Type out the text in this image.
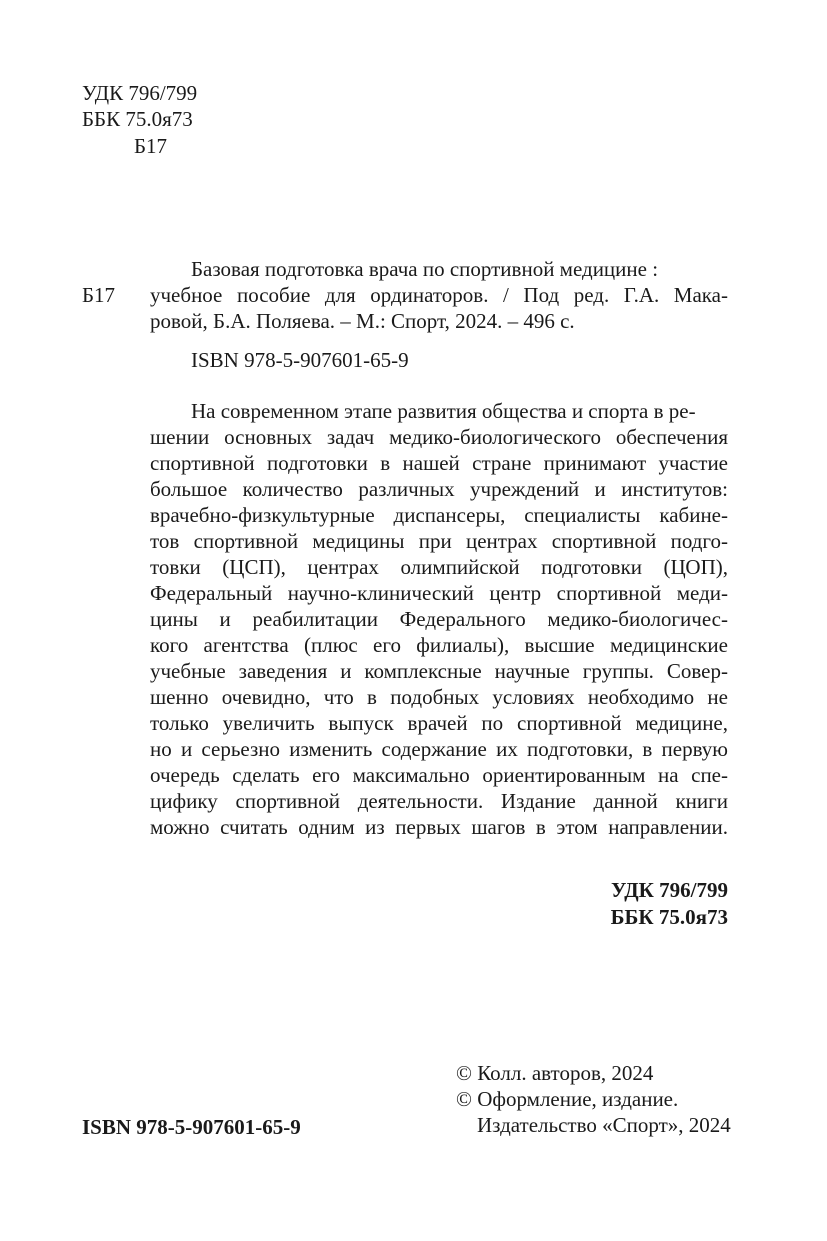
УДК 796/799
ББК 75.0я73
Б17
Б17
Базовая подготовка врача по спортивной медицине :
учебное пособие для ординаторов. / Под ред. Г.А. Мака-
ровой, Б.А. Поляева. – М.: Спорт, 2024. – 496 с.
ISBN 978-5-907601-65-9
На современном этапе развития общества и спорта в ре-
шении основных задач медико-биологического обеспечения
спортивной подготовки в нашей стране принимают участие
большое количество различных учреждений и институтов:
врачебно-физкультурные диспансеры, специалисты кабине-
тов спортивной медицины при центрах спортивной подго-
товки (ЦСП), центрах олимпийской подготовки (ЦОП),
Федеральный научно-клинический центр спортивной меди-
цины и реабилитации Федерального медико-биологичес-
кого агентства (плюс его филиалы), высшие медицинские
учебные заведения и комплексные научные группы. Совер-
шенно очевидно, что в подобных условиях необходимо не
только увеличить выпуск врачей по спортивной медицине,
но и серьезно изменить содержание их подготовки, в первую
очередь сделать его максимально ориентированным на спе-
цифику спортивной деятельности. Издание данной книги
можно считать одним из первых шагов в этом направлении.
УДК 796/799
ББК 75.0я73
© Колл. авторов, 2024
© Оформление, издание.
Издательство «Спорт», 2024
ISBN 978-5-907601-65-9
